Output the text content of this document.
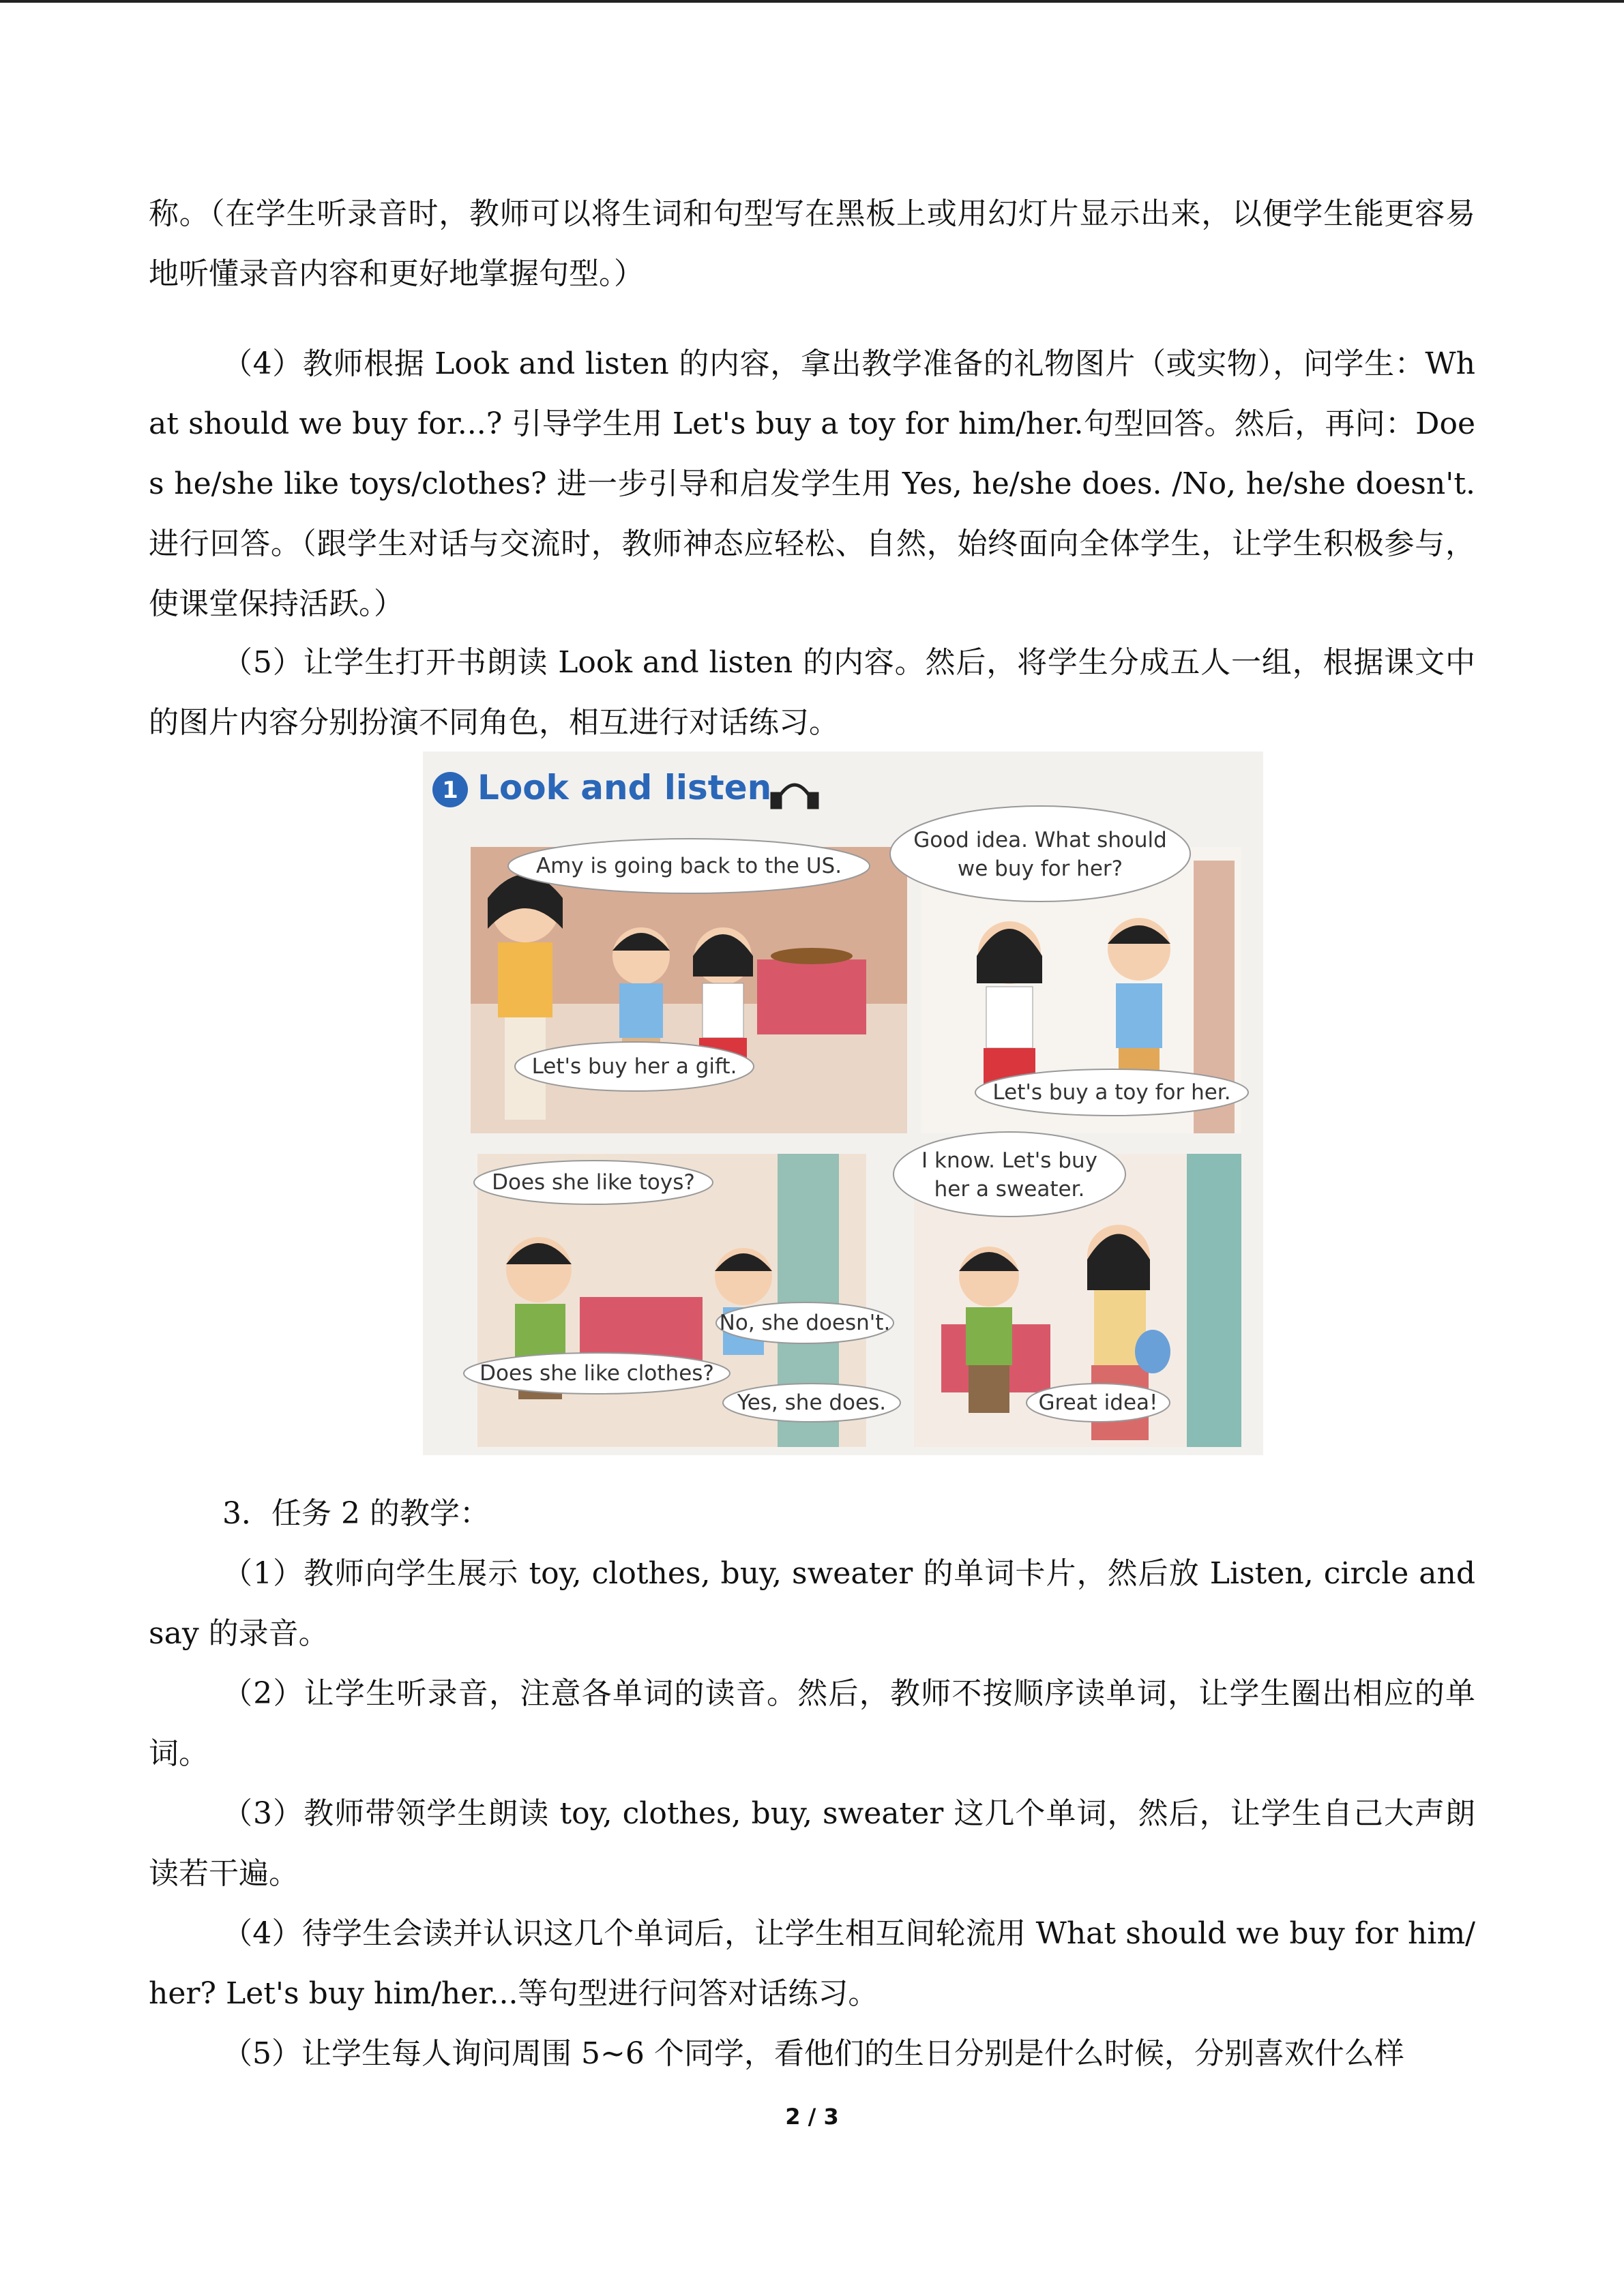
称。（在学生听录音时，教师可以将生词和句型写在黑板上或用幻灯片显示出来，以便学生能更容易地听懂录音内容和更好地掌握句型。）

（4）教师根据 Look and listen 的内容，拿出教学准备的礼物图片（或实物），问学生：What should we buy for...? 引导学生用 Let's buy a toy for him/her.句型回答。然后，再问：Does he/she like toys/clothes? 进一步引导和启发学生用 Yes, he/she does. /No, he/she doesn't.进行回答。（跟学生对话与交流时，教师神态应轻松、自然，始终面向全体学生，让学生积极参与，使课堂保持活跃。）

（5）让学生打开书朗读 Look and listen 的内容。然后，将学生分成五人一组，根据课文中的图片内容分别扮演不同角色，相互进行对话练习。

1 Look and listen
Amy is going back to the US.
Let's buy her a gift.
Good idea. What should
we buy for her?
Let's buy a toy for her.
Does she like toys?
No, she doesn't.
Does she like clothes?
Yes, she does.
I know. Let's buy
her a sweater.
Great idea!

3．任务 2 的教学：

（1）教师向学生展示 toy, clothes, buy, sweater 的单词卡片，然后放 Listen, circle and say 的录音。

（2）让学生听录音，注意各单词的读音。然后，教师不按顺序读单词，让学生圈出相应的单词。

（3）教师带领学生朗读 toy, clothes, buy, sweater 这几个单词，然后，让学生自己大声朗读若干遍。

（4）待学生会读并认识这几个单词后，让学生相互间轮流用 What should we buy for him/her? Let's buy him/her...等句型进行问答对话练习。

（5）让学生每人询问周围 5~6 个同学，看他们的生日分别是什么时候，分别喜欢什么样

2 / 3
